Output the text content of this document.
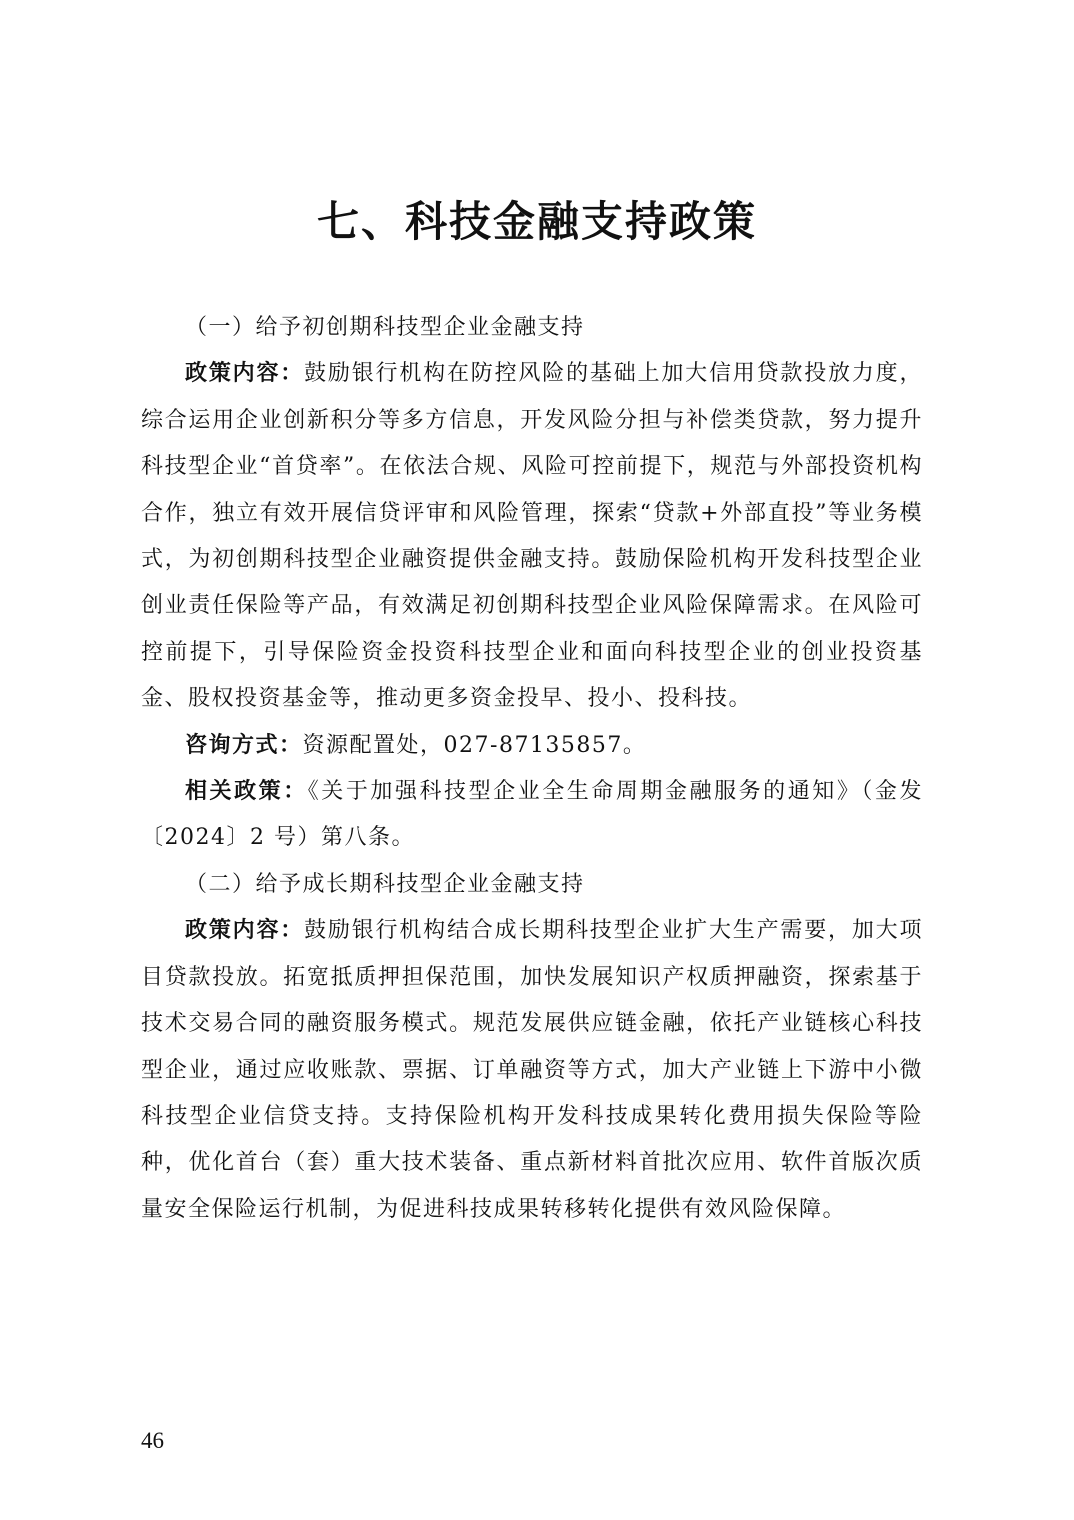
七、科技金融支持政策

（一）给予初创期科技型企业金融支持

政策内容：鼓励银行机构在防控风险的基础上加大信用贷款投放力度，综合运用企业创新积分等多方信息，开发风险分担与补偿类贷款，努力提升科技型企业“首贷率”。在依法合规、风险可控前提下，规范与外部投资机构合作，独立有效开展信贷评审和风险管理，探索“贷款+外部直投”等业务模式，为初创期科技型企业融资提供金融支持。鼓励保险机构开发科技型企业创业责任保险等产品，有效满足初创期科技型企业风险保障需求。在风险可控前提下，引导保险资金投资科技型企业和面向科技型企业的创业投资基金、股权投资基金等，推动更多资金投早、投小、投科技。

咨询方式：资源配置处，027-87135857。

相关政策：《关于加强科技型企业全生命周期金融服务的通知》（金发〔2024〕2 号）第八条。

（二）给予成长期科技型企业金融支持

政策内容：鼓励银行机构结合成长期科技型企业扩大生产需要，加大项目贷款投放。拓宽抵质押担保范围，加快发展知识产权质押融资，探索基于技术交易合同的融资服务模式。规范发展供应链金融，依托产业链核心科技型企业，通过应收账款、票据、订单融资等方式，加大产业链上下游中小微科技型企业信贷支持。支持保险机构开发科技成果转化费用损失保险等险种，优化首台（套）重大技术装备、重点新材料首批次应用、软件首版次质量安全保险运行机制，为促进科技成果转移转化提供有效风险保障。

46
